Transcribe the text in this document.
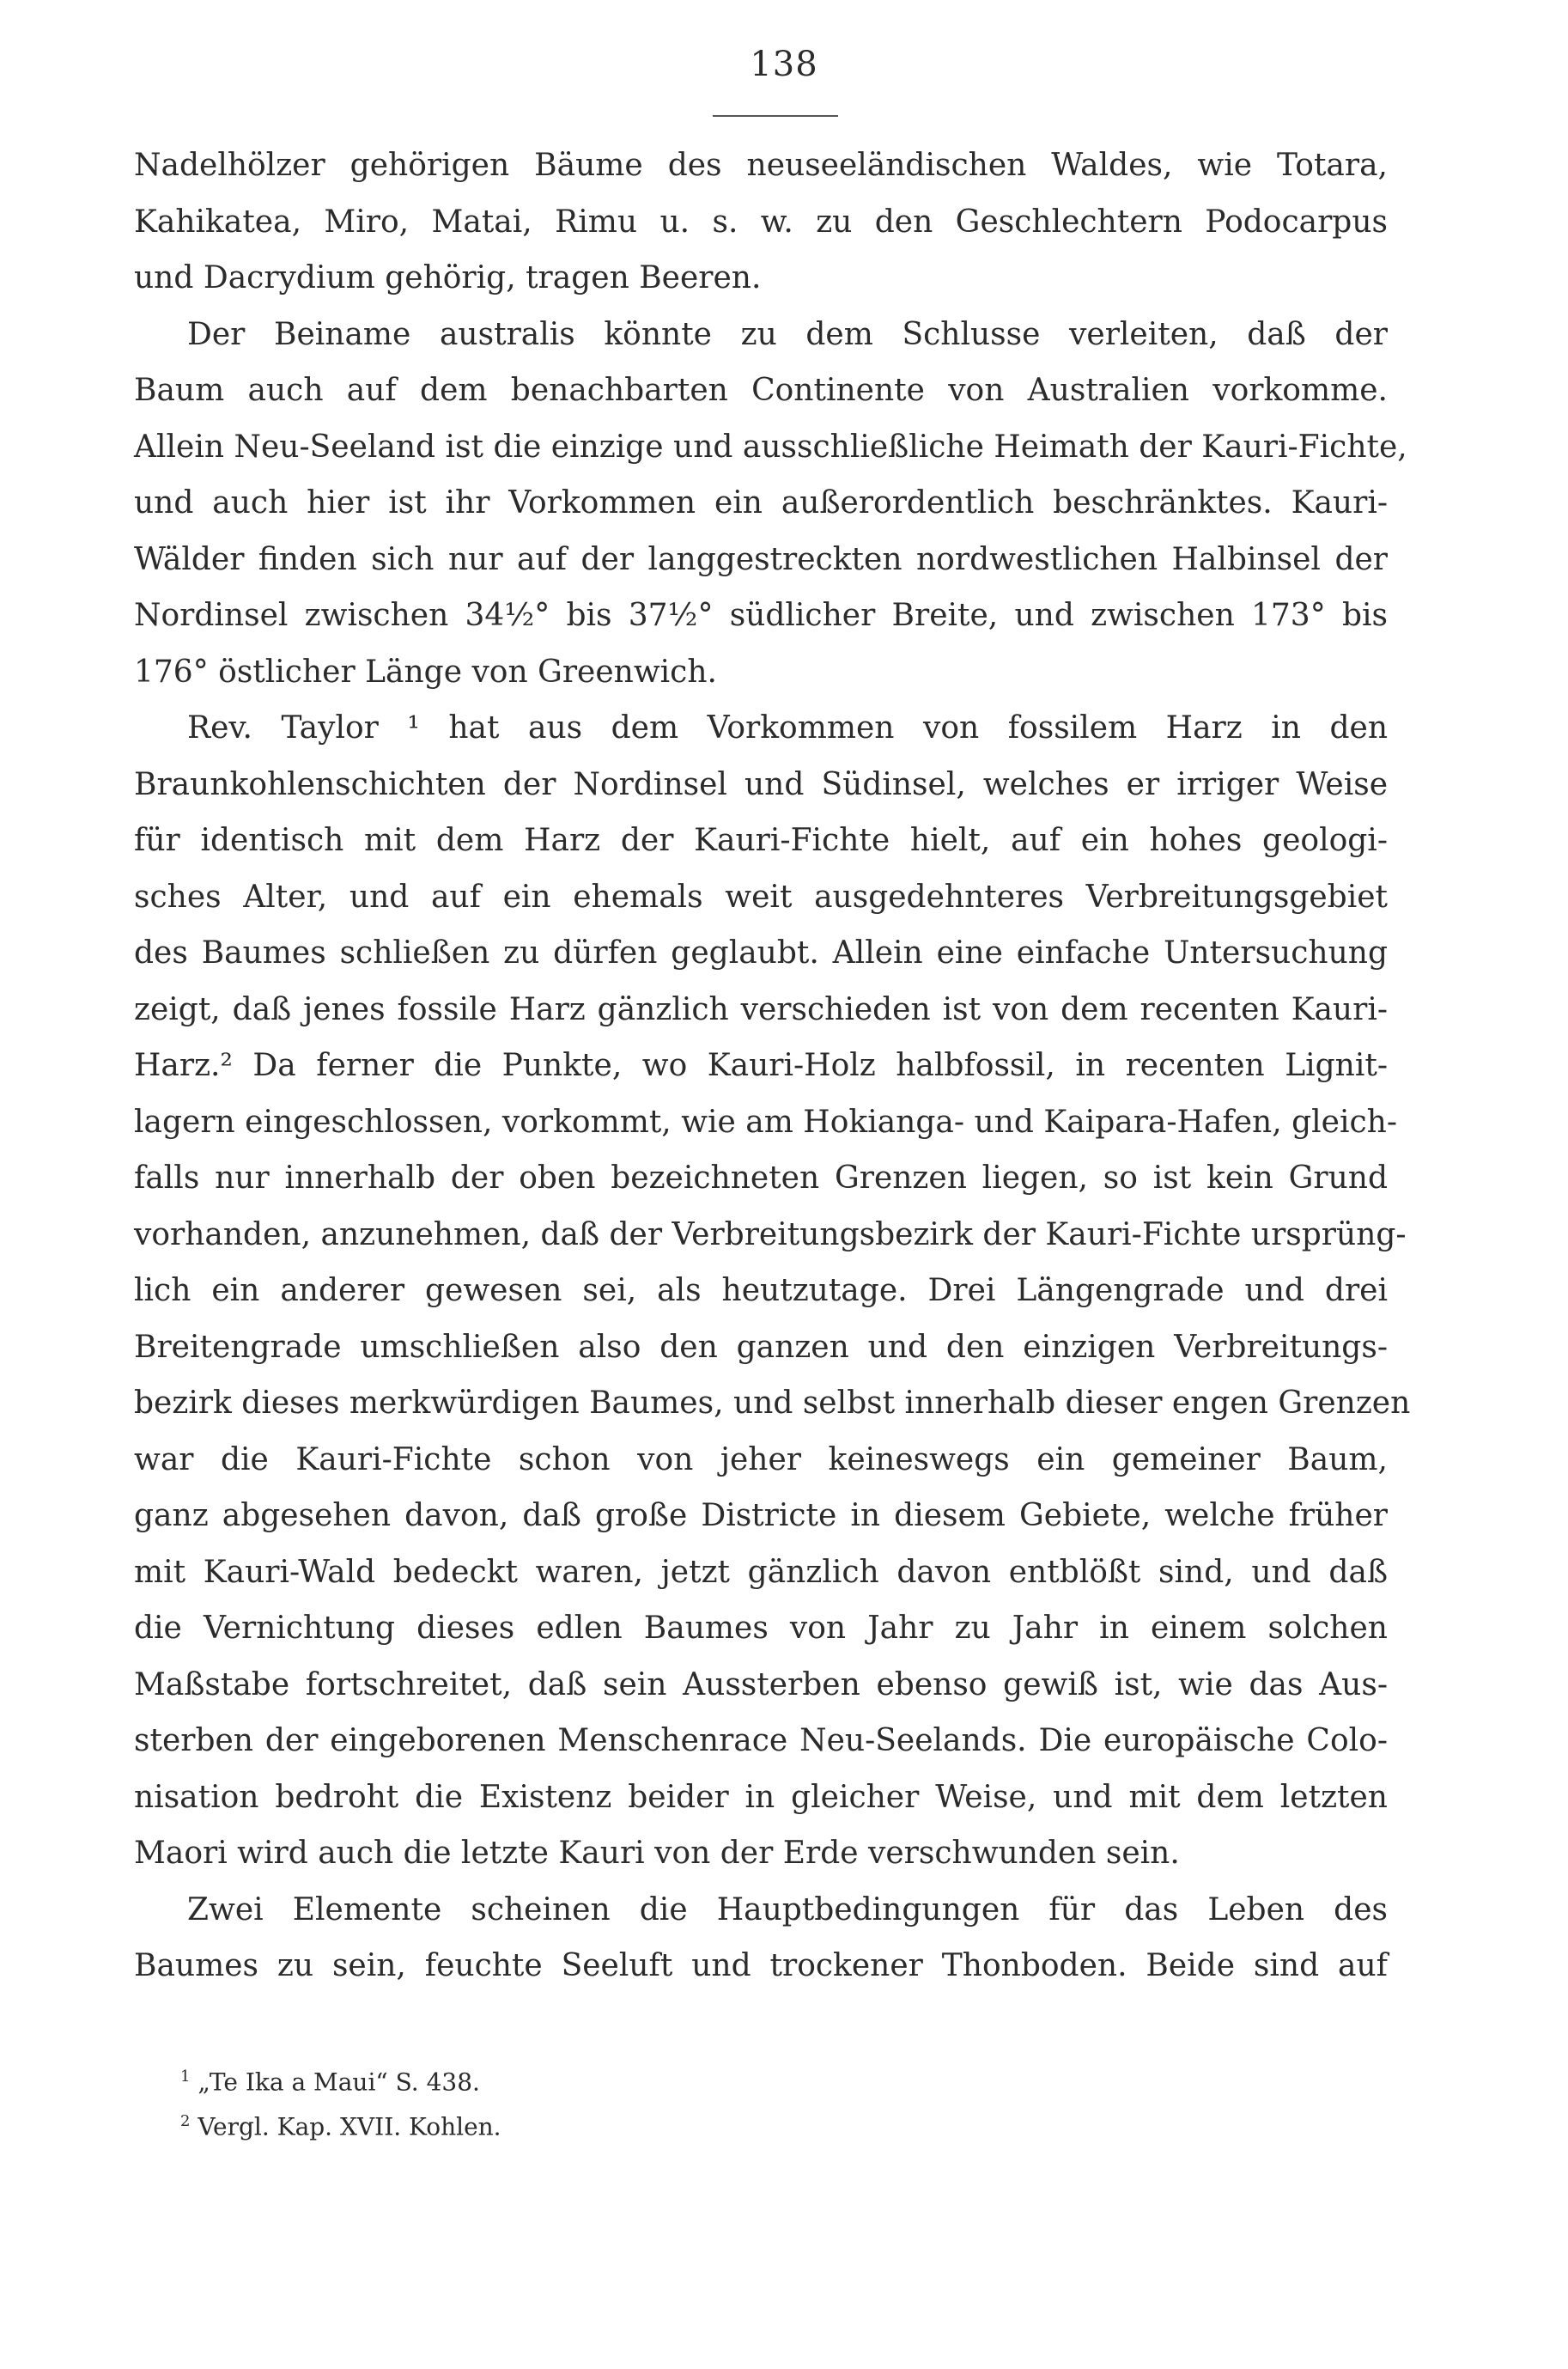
138
Nadelhölzer gehörigen Bäume des neuseeländischen Waldes, wie Totara,
Kahikatea, Miro, Matai, Rimu u. s. w. zu den Geschlechtern Podocarpus
und Dacrydium gehörig, tragen Beeren.
Der Beiname australis könnte zu dem Schlusse verleiten, daß der
Baum auch auf dem benachbarten Continente von Australien vorkomme.
Allein Neu-Seeland ist die einzige und ausschließliche Heimath der Kauri-Fichte,
und auch hier ist ihr Vorkommen ein außerordentlich beschränktes. Kauri-
Wälder finden sich nur auf der langgestreckten nordwestlichen Halbinsel der
Nordinsel zwischen 34½° bis 37½° südlicher Breite, und zwischen 173° bis
176° östlicher Länge von Greenwich.
Rev. Taylor ¹ hat aus dem Vorkommen von fossilem Harz in den
Braunkohlenschichten der Nordinsel und Südinsel, welches er irriger Weise
für identisch mit dem Harz der Kauri-Fichte hielt, auf ein hohes geologi-
sches Alter, und auf ein ehemals weit ausgedehnteres Verbreitungsgebiet
des Baumes schließen zu dürfen geglaubt. Allein eine einfache Untersuchung
zeigt, daß jenes fossile Harz gänzlich verschieden ist von dem recenten Kauri-
Harz.² Da ferner die Punkte, wo Kauri-Holz halbfossil, in recenten Lignit-
lagern eingeschlossen, vorkommt, wie am Hokianga- und Kaipara-Hafen, gleich-
falls nur innerhalb der oben bezeichneten Grenzen liegen, so ist kein Grund
vorhanden, anzunehmen, daß der Verbreitungsbezirk der Kauri-Fichte ursprüng-
lich ein anderer gewesen sei, als heutzutage. Drei Längengrade und drei
Breitengrade umschließen also den ganzen und den einzigen Verbreitungs-
bezirk dieses merkwürdigen Baumes, und selbst innerhalb dieser engen Grenzen
war die Kauri-Fichte schon von jeher keineswegs ein gemeiner Baum,
ganz abgesehen davon, daß große Districte in diesem Gebiete, welche früher
mit Kauri-Wald bedeckt waren, jetzt gänzlich davon entblößt sind, und daß
die Vernichtung dieses edlen Baumes von Jahr zu Jahr in einem solchen
Maßstabe fortschreitet, daß sein Aussterben ebenso gewiß ist, wie das Aus-
sterben der eingeborenen Menschenrace Neu-Seelands. Die europäische Colo-
nisation bedroht die Existenz beider in gleicher Weise, und mit dem letzten
Maori wird auch die letzte Kauri von der Erde verschwunden sein.
Zwei Elemente scheinen die Hauptbedingungen für das Leben des
Baumes zu sein, feuchte Seeluft und trockener Thonboden. Beide sind auf
$^1$ „Te Ika a Maui“ S. 438.
$^2$ Vergl. Kap. XVII. Kohlen.
